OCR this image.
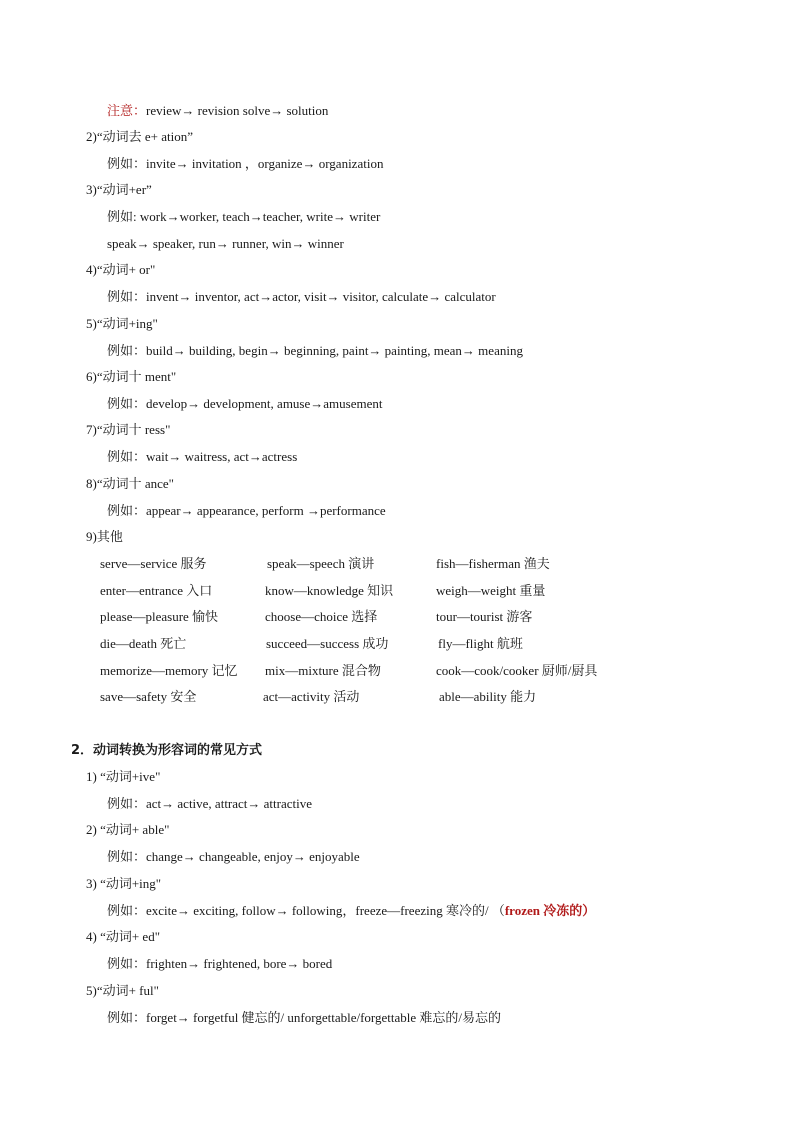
注意：review→ revision solve→ solution
2)“动词去 e+ ation”
例如：invite→ invitation ，organize→ organization
3)“动词+er”
例如: work→worker, teach→teacher, write→ writer
speak→ speaker, run→ runner, win→ winner
4)“动词+ or"
例如：invent→ inventor, act→actor, visit→ visitor, calculate→ calculator
5)“动词+ing"
例如：build→ building, begin→ beginning, paint→ painting, mean→ meaning
6)“动词十 ment"
例如：develop→ development, amuse→amusement
7)“动词十 ress"
例如：wait→ waitress, act→actress
8)“动词十 ance"
例如：appear→ appearance, perform →performance
9)其他
serve—service 服务	speak—speech 演讲	fish—fisherman 渔夫
enter—entrance 入口	know—knowledge 知识	weigh—weight 重量
please—pleasure 愉快	choose—choice 选择	tour—tourist 游客
die—death 死亡	succeed—success 成功	fly—flight 航班
memorize—memory 记忆 mix—mixture 混合物	cook—cook/cooker 厨师/厨具
save—safety 安全	act—activity 活动	able—ability 能力
2．动词转换为形容词的常见方式
1) “动词+ive"
例如：act→ active, attract→ attractive
2) “动词+ able"
例如：change→ changeable, enjoy→ enjoyable
3) “动词+ing"
例如：excite→ exciting, follow→ following，freeze—freezing 寒冷的/ （frozen 冷冻的）
4) “动词+ ed"
例如：frighten→ frightened, bore→ bored
5)“动词+ ful"
例如：forget→ forgetful 健忘的/ unforgettable/forgettable 难忘的/易忘的
